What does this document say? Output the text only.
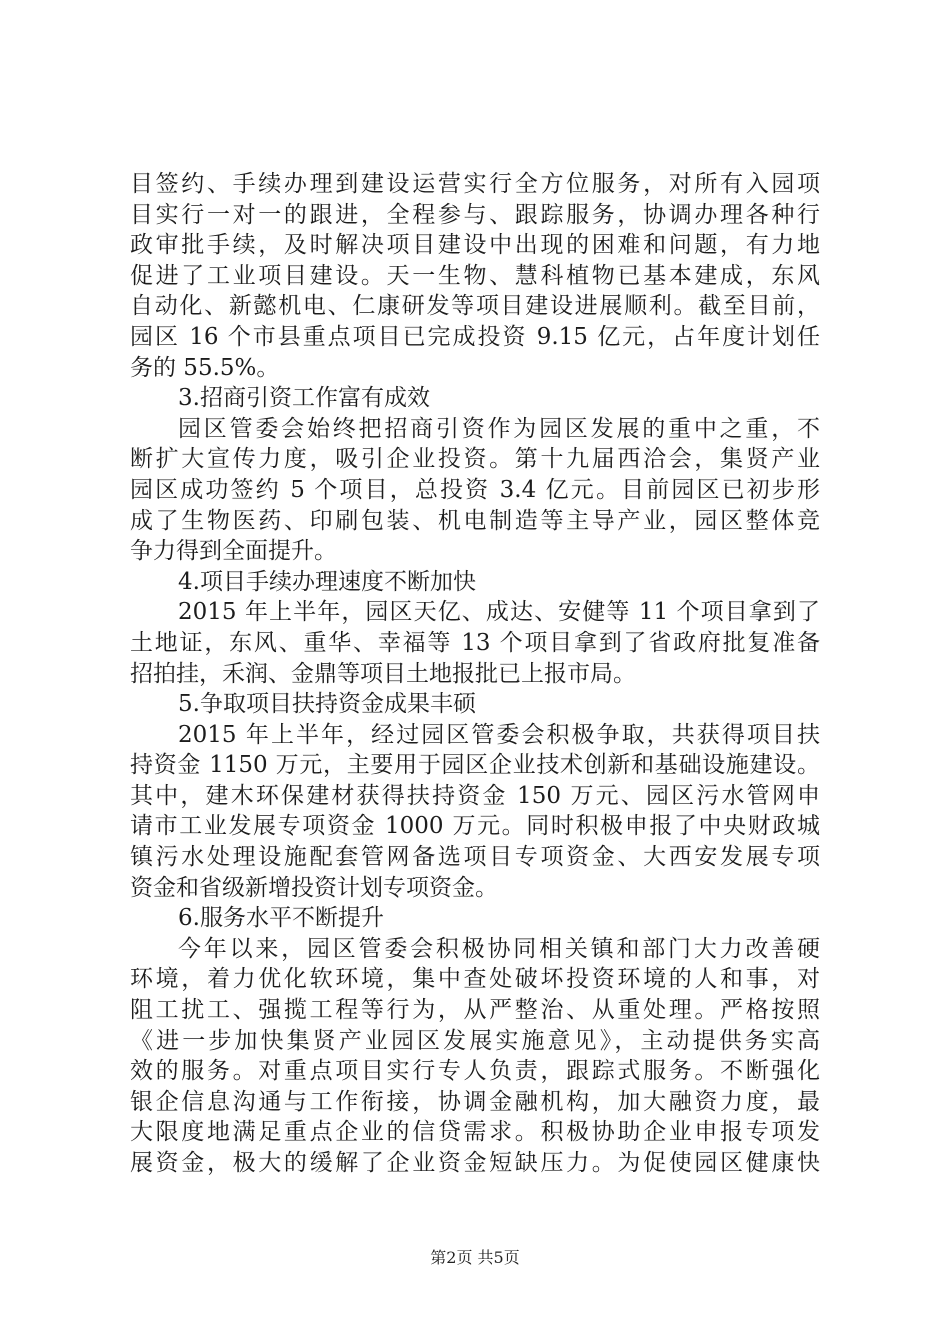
目签约、手续办理到建设运营实行全方位服务，对所有入园项
目实行一对一的跟进，全程参与、跟踪服务，协调办理各种行
政审批手续，及时解决项目建设中出现的困难和问题，有力地
促进了工业项目建设。天一生物、慧科植物已基本建成，东风
自动化、新懿机电、仁康研发等项目建设进展顺利。截至目前，
园区 16 个市县重点项目已完成投资 9.15 亿元，占年度计划任
务的 55.5%。
3.招商引资工作富有成效
园区管委会始终把招商引资作为园区发展的重中之重，不
断扩大宣传力度，吸引企业投资。第十九届西洽会，集贤产业
园区成功签约 5 个项目，总投资 3.4 亿元。目前园区已初步形
成了生物医药、印刷包装、机电制造等主导产业，园区整体竞
争力得到全面提升。
4.项目手续办理速度不断加快
2015 年上半年，园区天亿、成达、安健等 11 个项目拿到了
土地证，东风、重华、幸福等 13 个项目拿到了省政府批复准备
招拍挂，禾润、金鼎等项目土地报批已上报市局。
5.争取项目扶持资金成果丰硕
2015 年上半年，经过园区管委会积极争取，共获得项目扶
持资金 1150 万元，主要用于园区企业技术创新和基础设施建设。
其中，建木环保建材获得扶持资金 150 万元、园区污水管网申
请市工业发展专项资金 1000 万元。同时积极申报了中央财政城
镇污水处理设施配套管网备选项目专项资金、大西安发展专项
资金和省级新增投资计划专项资金。
6.服务水平不断提升
今年以来，园区管委会积极协同相关镇和部门大力改善硬
环境，着力优化软环境，集中查处破坏投资环境的人和事，对
阻工扰工、强揽工程等行为，从严整治、从重处理。严格按照
《进一步加快集贤产业园区发展实施意见》，主动提供务实高
效的服务。对重点项目实行专人负责，跟踪式服务。不断强化
银企信息沟通与工作衔接，协调金融机构，加大融资力度，最
大限度地满足重点企业的信贷需求。积极协助企业申报专项发
展资金，极大的缓解了企业资金短缺压力。为促使园区健康快
第2页 共5页
